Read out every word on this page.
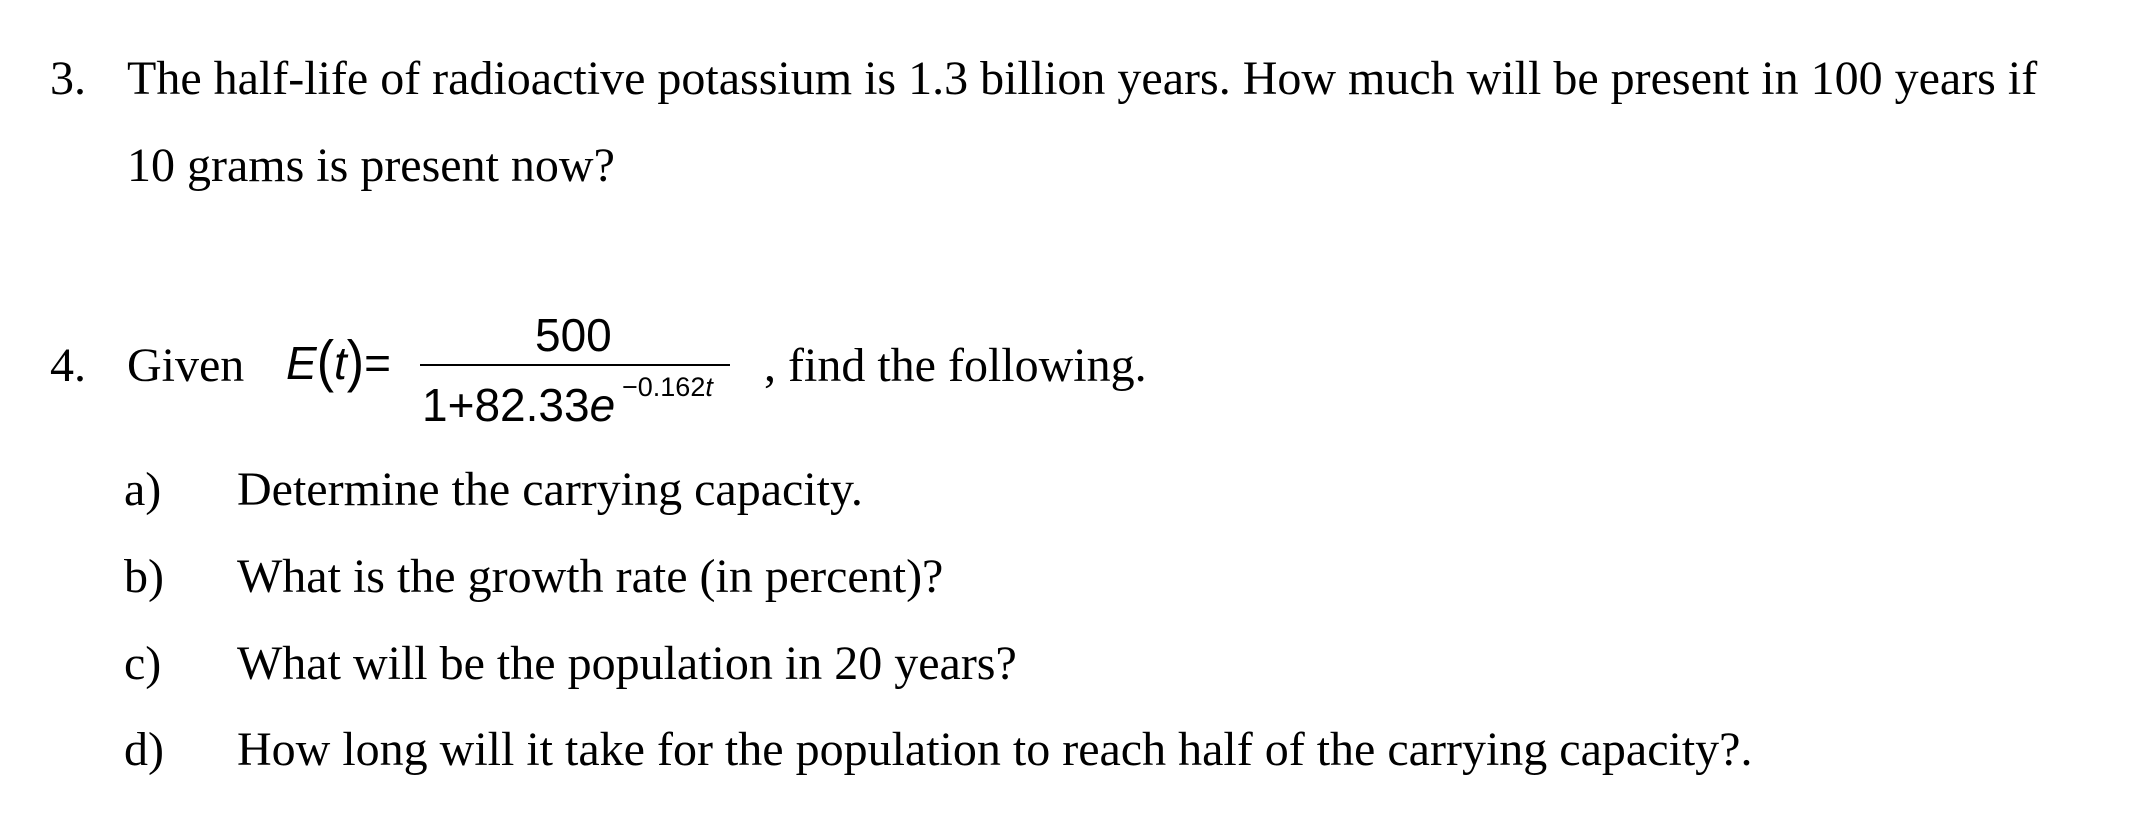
3. The half-life of radioactive potassium is 1.3 billion years. How much will be present in 100 years if
10 grams is present now?
4. Given E(t)=
500
1+82.33e −0.162t , find the following.
a) Determine the carrying capacity.
b) What is the growth rate (in percent)?
c) What will be the population in 20 years?
d) How long will it take for the population to reach half of the carrying capacity?.
